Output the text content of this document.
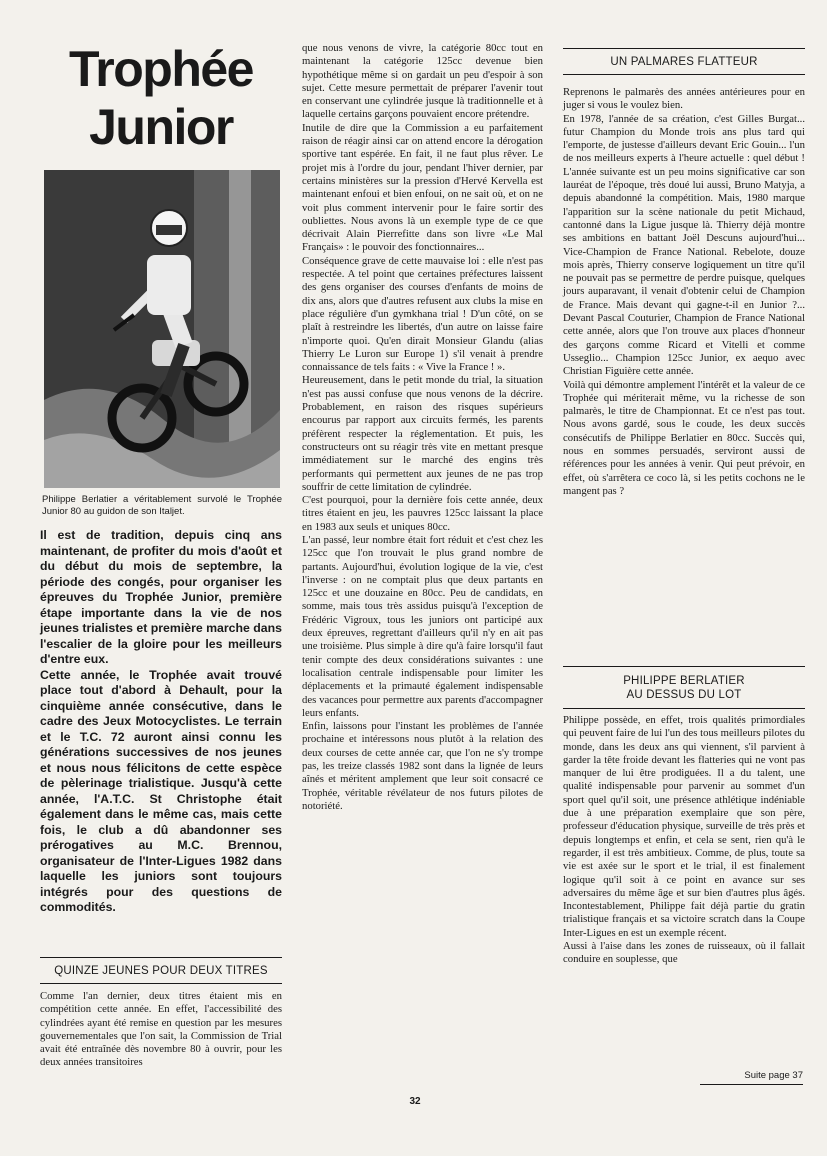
Trophée
Junior
Philippe Berlatier a véritablement survolé le Trophée Junior 80 au guidon de son Italjet.

Il est de tradition, depuis cinq ans maintenant, de profiter du mois d'août et du début du mois de septembre, la période des congés, pour organiser les épreuves du Trophée Junior, première étape importante dans la vie de nos jeunes trialistes et première marche dans l'escalier de la gloire pour les meilleurs d'entre eux.

Cette année, le Trophée avait trouvé place tout d'abord à Dehault, pour la cinquième année consécutive, dans le cadre des Jeux Motocyclistes. Le terrain et le T.C. 72 auront ainsi connu les générations successives de nos jeunes et nous nous félicitons de cette espèce de pèlerinage trialistique. Jusqu'à cette année, l'A.T.C. St Christophe était également dans le même cas, mais cette fois, le club a dû abandonner ses prérogatives au M.C. Brennou, organisateur de l'Inter-Ligues 1982 dans laquelle les juniors sont toujours intégrés pour des questions de commodités.

QUINZE JEUNES POUR DEUX TITRES

Comme l'an dernier, deux titres étaient mis en compétition cette année. En effet, l'accessibilité des cylindrées ayant été remise en question par les mesures gouvernementales que l'on sait, la Commission de Trial avait été entraînée dès novembre 80 à ouvrir, pour les deux années transitoires

que nous venons de vivre, la catégorie 80cc tout en maintenant la catégorie 125cc devenue bien hypothétique même si on gardait un peu d'espoir à son sujet. Cette mesure permettait de préparer l'avenir tout en conservant une cylindrée jusque là traditionnelle et à laquelle certains garçons pouvaient encore prétendre.

Inutile de dire que la Commission a eu parfaitement raison de réagir ainsi car on attend encore la dérogation sportive tant espérée. En fait, il ne faut plus rêver. Le projet mis à l'ordre du jour, pendant l'hiver dernier, par certains ministères sur la pression d'Hervé Kervella est maintenant enfoui et bien enfoui, on ne sait où, et on ne voit plus comment intervenir pour le faire sortir des oubliettes. Nous avons là un exemple type de ce que décrivait Alain Pierrefitte dans son livre «Le Mal Français» : le pouvoir des fonctionnaires...

Conséquence grave de cette mauvaise loi : elle n'est pas respectée. A tel point que certaines préfectures laissent des gens organiser des courses d'enfants de moins de dix ans, alors que d'autres refusent aux clubs la mise en place régulière d'un gymkhana trial ! D'un côté, on se plaît à restreindre les libertés, d'un autre on laisse faire n'importe quoi. Qu'en dirait Monsieur Glandu (alias Thierry Le Luron sur Europe 1) s'il venait à prendre connaissance de tels faits : « Vive la France ! ».

Heureusement, dans le petit monde du trial, la situation n'est pas aussi confuse que nous venons de la décrire. Probablement, en raison des risques supérieurs encourus par rapport aux circuits fermés, les parents préfèrent respecter la réglementation. Et puis, les constructeurs ont su réagir très vite en mettant presque immédiatement sur le marché des engins très performants qui permettent aux jeunes de ne pas trop souffrir de cette limitation de cylindrée.

C'est pourquoi, pour la dernière fois cette année, deux titres étaient en jeu, les pauvres 125cc laissant la place en 1983 aux seuls et uniques 80cc.

L'an passé, leur nombre était fort réduit et c'est chez les 125cc que l'on trouvait le plus grand nombre de partants. Aujourd'hui, évolution logique de la vie, c'est l'inverse : on ne comptait plus que deux partants en 125cc et une douzaine en 80cc. Peu de candidats, en somme, mais tous très assidus puisqu'à l'exception de Frédéric Vigroux, tous les juniors ont participé aux deux épreuves, regrettant d'ailleurs qu'il n'y en ait pas une troisième. Plus simple à dire qu'à faire lorsqu'il faut tenir compte des deux considérations suivantes : une localisation centrale indispensable pour limiter les déplacements et la primauté également indispensable des vacances pour permettre aux parents d'accompagner leurs enfants.

Enfin, laissons pour l'instant les problèmes de l'année prochaine et intéressons nous plutôt à la relation des deux courses de cette année car, que l'on ne s'y trompe pas, les treize classés 1982 sont dans la lignée de leurs aînés et méritent amplement que leur soit consacré ce Trophée, véritable révélateur de nos futurs pilotes de notoriété.

UN PALMARES FLATTEUR

Reprenons le palmarès des années antérieures pour en juger si vous le voulez bien.

En 1978, l'année de sa création, c'est Gilles Burgat... futur Champion du Monde trois ans plus tard qui l'emporte, de justesse d'ailleurs devant Eric Gouin... l'un de nos meilleurs experts à l'heure actuelle : quel début ! L'année suivante est un peu moins significative car son lauréat de l'époque, très doué lui aussi, Bruno Matyja, a depuis abandonné la compétition. Mais, 1980 marque l'apparition sur la scène nationale du petit Michaud, cantonné dans la Ligue jusque là. Thierry déjà montre ses ambitions en battant Joël Descuns aujourd'hui... Vice-Champion de France National. Rebelote, douze mois après, Thierry conserve logiquement un titre qu'il ne pouvait pas se permettre de perdre puisque, quelques jours auparavant, il venait d'obtenir celui de Champion de France. Mais devant qui gagne-t-il en Junior ?... Devant Pascal Couturier, Champion de France National cette année, alors que l'on trouve aux places d'honneur des garçons comme Ricard et Vitelli et comme Usseglio... Champion 125cc Junior, ex aequo avec Christian Figuière cette année.

Voilà qui démontre amplement l'intérêt et la valeur de ce Trophée qui mériterait même, vu la richesse de son palmarès, le titre de Championnat. Et ce n'est pas tout. Nous avons gardé, sous le coude, les deux succès consécutifs de Philippe Berlatier en 80cc. Succès qui, nous en sommes persuadés, serviront aussi de références pour les années à venir. Qui peut prévoir, en effet, où s'arrêtera ce coco là, si les petits cochons ne le mangent pas ?

PHILIPPE BERLATIER
AU DESSUS DU LOT

Philippe possède, en effet, trois qualités primordiales qui peuvent faire de lui l'un des tous meilleurs pilotes du monde, dans les deux ans qui viennent, s'il parvient à garder la tête froide devant les flatteries qui ne vont pas manquer de lui être prodiguées. Il a du talent, une qualité indispensable pour parvenir au sommet d'un sport quel qu'il soit, une présence athlétique indéniable due à une préparation exemplaire que son père, professeur d'éducation physique, surveille de très près et depuis longtemps et enfin, et cela se sent, rien qu'à le regarder, il est très ambitieux. Comme, de plus, toute sa vie est axée sur le sport et le trial, il est finalement logique qu'il soit à ce point en avance sur ses adversaires du même âge et sur bien d'autres plus âgés. Incontestablement, Philippe fait déjà partie du gratin trialistique français et sa victoire scratch dans la Coupe Inter-Ligues en est un exemple récent.

Aussi à l'aise dans les zones de ruisseaux, où il fallait conduire en souplesse, que

Suite page 37
32
